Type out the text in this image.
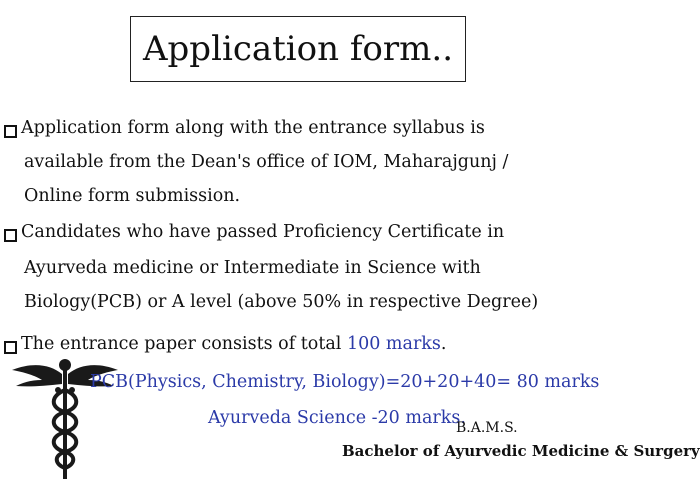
Application form..
Application form along with the entrance syllabus is
available from the Dean's office of IOM, Maharajgunj /
Online form submission.
Candidates who have passed Proficiency Certificate in
Ayurveda medicine or Intermediate in Science with
Biology(PCB) or A level (above 50% in respective Degree)
The entrance paper consists of total 100 marks.
PCB(Physics, Chemistry, Biology)=20+20+40= 80 marks
Ayurveda Science -20 marks.
B.A.M.S.
Bachelor of Ayurvedic Medicine & Surgery
